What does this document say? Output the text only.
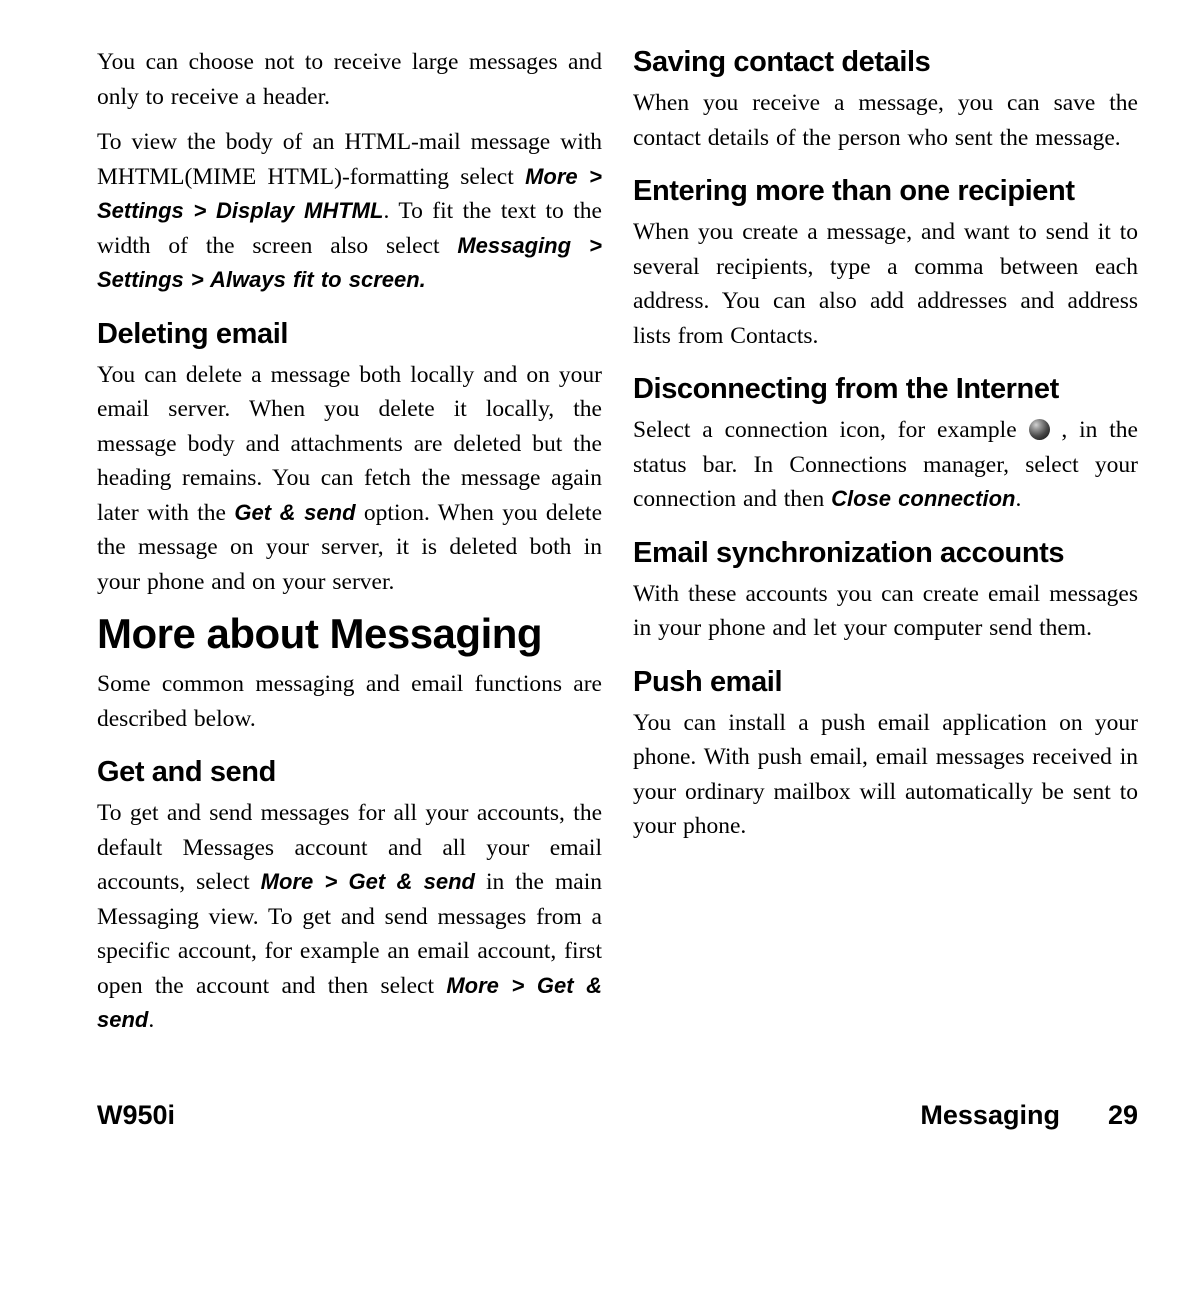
You can choose not to receive large messages and only to receive a header.

To view the body of an HTML-mail message with MHTML(MIME HTML)-formatting select More > Settings > Display MHTML. To fit the text to the width of the screen also select Messaging > Settings > Always fit to screen.

Deleting email

You can delete a message both locally and on your email server. When you delete it locally, the message body and attachments are deleted but the heading remains. You can fetch the message again later with the Get & send option. When you delete the message on your server, it is deleted both in your phone and on your server.

More about Messaging

Some common messaging and email functions are described below.

Get and send

To get and send messages for all your accounts, the default Messages account and all your email accounts, select More > Get & send in the main Messaging view. To get and send messages from a specific account, for example an email account, first open the account and then select More > Get & send.

Saving contact details

When you receive a message, you can save the contact details of the person who sent the message.

Entering more than one recipient

When you create a message, and want to send it to several recipients, type a comma between each address. You can also add addresses and address lists from Contacts.

Disconnecting from the Internet

Select a connection icon, for example  , in the status bar. In Connections manager, select your connection and then Close connection.

Email synchronization accounts

With these accounts you can create email messages in your phone and let your computer send them.

Push email

You can install a push email application on your phone. With push email, email messages received in your ordinary mailbox will automatically be sent to your phone.

W950i	Messaging 29
